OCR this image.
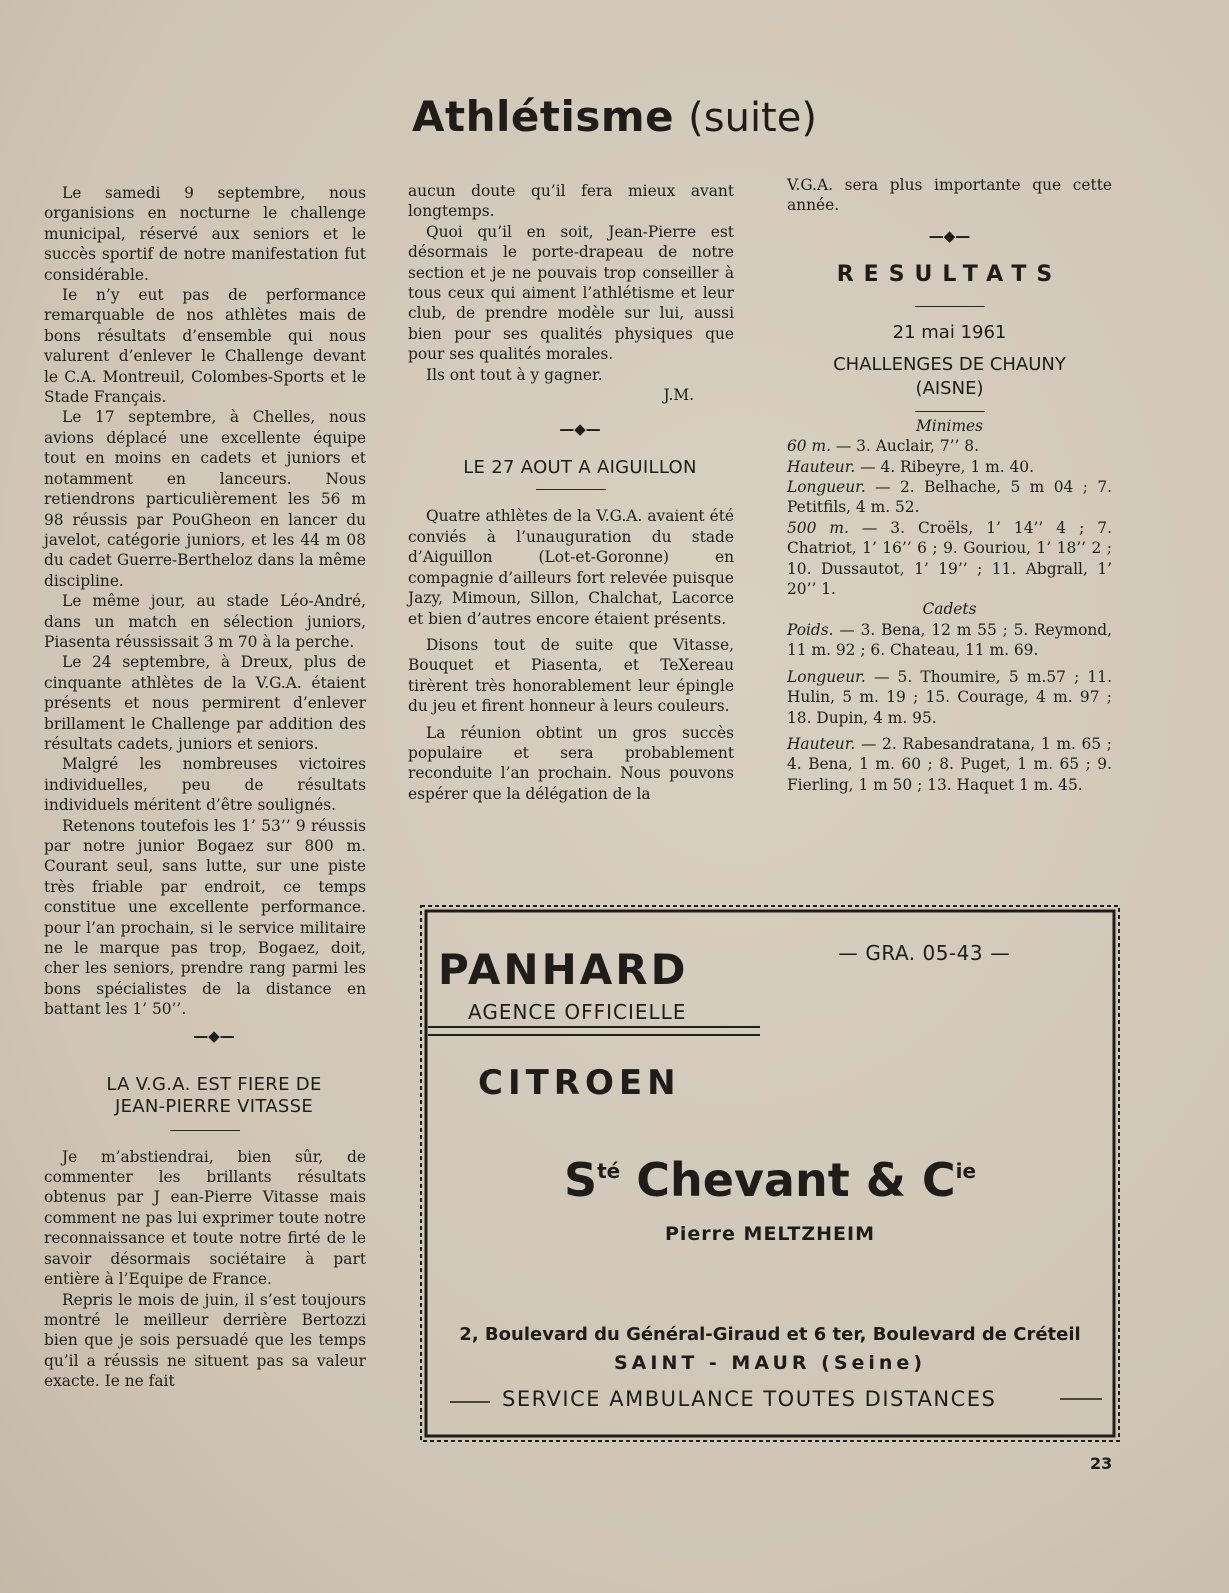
Athlétisme (suite)

Le samedi 9 septembre, nous organisions en nocturne le challenge municipal, réservé aux seniors et le succès sportif de notre manifestation fut considérable.

Ie n’y eut pas de performance remarquable de nos athlètes mais de bons résultats d’ensemble qui nous valurent d’enlever le Challenge devant le C.A. Montreuil, Colombes-Sports et le Stade Français.

Le 17 septembre, à Chelles, nous avions déplacé une excellente équipe tout en moins en cadets et juniors et notamment en lanceurs. Nous retiendrons particulièrement les 56 m 98 réussis par PouGheon en lancer du javelot, catégorie juniors, et les 44 m 08 du cadet Guerre-Bertheloz dans la même discipline.

Le même jour, au stade Léo-André, dans un match en sélection juniors, Piasenta réussissait 3 m 70 à la perche.

Le 24 septembre, à Dreux, plus de cinquante athlètes de la V.G.A. étaient présents et nous permirent d’enlever brillament le Challenge par addition des résultats cadets, juniors et seniors.

Malgré les nombreuses victoires individuelles, peu de résultats individuels méritent d’être soulignés.

Retenons toutefois les 1’ 53’’ 9 réussis par notre junior Bogaez sur 800 m. Courant seul, sans lutte, sur une piste très friable par endroit, ce temps constitue une excellente performance. pour l’an prochain, si le service militaire ne le marque pas trop, Bogaez, doit, cher les seniors, prendre rang parmi les bons spécialistes de la distance en battant les 1’ 50’’.

—◆—

LA V.G.A. EST FIERE DE

JEAN-PIERRE VITASSE

Je m’abstiendrai, bien sûr, de commenter les brillants résultats obtenus par J ean-Pierre Vitasse mais comment ne pas lui exprimer toute notre reconnaissance et toute notre firté de le savoir désormais sociétaire à part entière à l’Equipe de France.

Repris le mois de juin, il s’est toujours montré le meilleur derrière Bertozzi bien que je sois persuadé que les temps qu’il a réussis ne situent pas sa valeur exacte. Ie ne fait

aucun doute qu’il fera mieux avant longtemps.

Quoi qu’il en soit, Jean-Pierre est désormais le porte-drapeau de notre section et je ne pouvais trop conseiller à tous ceux qui aiment l’athlétisme et leur club, de prendre modèle sur lui, aussi bien pour ses qualités physiques que pour ses qualités morales.

Ils ont tout à y gagner.

J.M.

—◆—

LE 27 AOUT A AIGUILLON

Quatre athlètes de la V.G.A. avaient été conviés à l’unauguration du stade d’Aiguillon (Lot-et-Goronne) en compagnie d’ailleurs fort relevée puisque Jazy, Mimoun, Sillon, Chalchat, Lacorce et bien d’autres encore étaient présents.

Disons tout de suite que Vitasse, Bouquet et Piasenta, et TeXereau tirèrent très honorablement leur épingle du jeu et firent honneur à leurs couleurs.

La réunion obtint un gros succès populaire et sera probablement reconduite l’an prochain. Nous pouvons espérer que la délégation de la

V.G.A. sera plus importante que cette année.

—◆—

RESULTATS

21 mai 1961

CHALLENGES DE CHAUNY

(AISNE)

Minimes

60 m. — 3. Auclair, 7’’ 8.

Hauteur. — 4. Ribeyre, 1 m. 40.

Longueur. — 2. Belhache, 5 m 04 ; 7. Petitfils, 4 m. 52.

500 m. — 3. Croëls, 1’ 14’’ 4 ; 7. Chatriot, 1’ 16’’ 6 ; 9. Gouriou, 1’ 18’’ 2 ; 10. Dussautot, 1’ 19’’ ; 11. Abgrall, 1’ 20’’ 1.

Cadets

Poids. — 3. Bena, 12 m 55 ; 5. Reymond, 11 m. 92 ; 6. Chateau, 11 m. 69.

Longueur. — 5. Thoumire, 5 m.57 ; 11. Hulin, 5 m. 19 ; 15. Courage, 4 m. 97 ; 18. Dupin, 4 m. 95.

Hauteur. — 2. Rabesandratana, 1 m. 65 ; 4. Bena, 1 m. 60 ; 8. Puget, 1 m. 65 ; 9. Fierling, 1 m 50 ; 13. Haquet 1 m. 45.

PANHARD
AGENCE OFFICIELLE
— GRA. 05-43 —
CITROEN
$S^{té}$ Chevant & $C^{ie}$
Pierre MELTZHEIM
2, Boulevard du Général-Giraud et 6 ter, Boulevard de Créteil
SAINT - MAUR (Seine)
SERVICE AMBULANCE TOUTES DISTANCES
23
